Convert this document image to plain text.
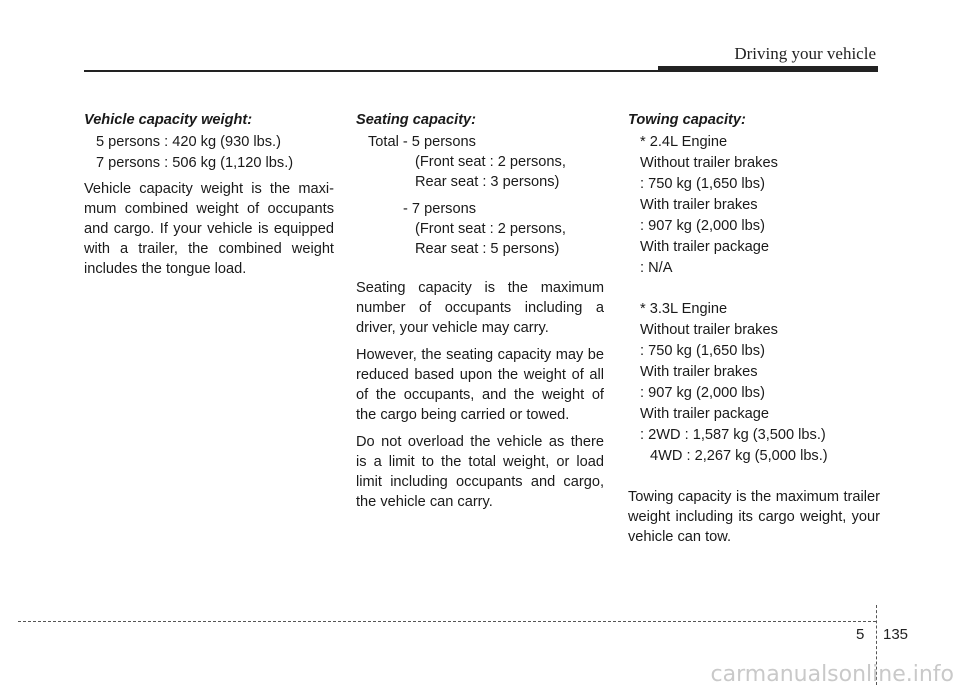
Driving your vehicle
Vehicle capacity weight:
5 persons : 420 kg (930 lbs.)
7 persons : 506 kg (1,120 lbs.)
Vehicle capacity weight is the maxi-mum combined weight of occupants and cargo. If your vehicle is equipped with a trailer, the combined weight includes the tongue load.
Seating capacity:
Total - 5 persons
(Front seat : 2 persons,
Rear seat : 3 persons)
- 7 persons
(Front seat : 2 persons,
Rear seat : 5 persons)
Seating capacity is the maximum number of occupants including a driver, your vehicle may carry.
However, the seating capacity may be reduced based upon the weight of all of the occupants, and the weight of the cargo being carried or towed.
Do not overload the vehicle as there is a limit to the total weight, or load limit including occupants and cargo, the vehicle can carry.
Towing capacity:
* 2.4L Engine
Without trailer brakes
: 750 kg (1,650 lbs)
With trailer brakes
: 907 kg (2,000 lbs)
With trailer package
: N/A
* 3.3L Engine
Without trailer brakes
: 750 kg (1,650 lbs)
With trailer brakes
: 907 kg (2,000 lbs)
With trailer package
: 2WD : 1,587 kg (3,500 lbs.)
4WD : 2,267 kg (5,000 lbs.)
Towing capacity is the maximum trailer weight including its cargo weight, your vehicle can tow.
5 135
carmanualsonline.info
